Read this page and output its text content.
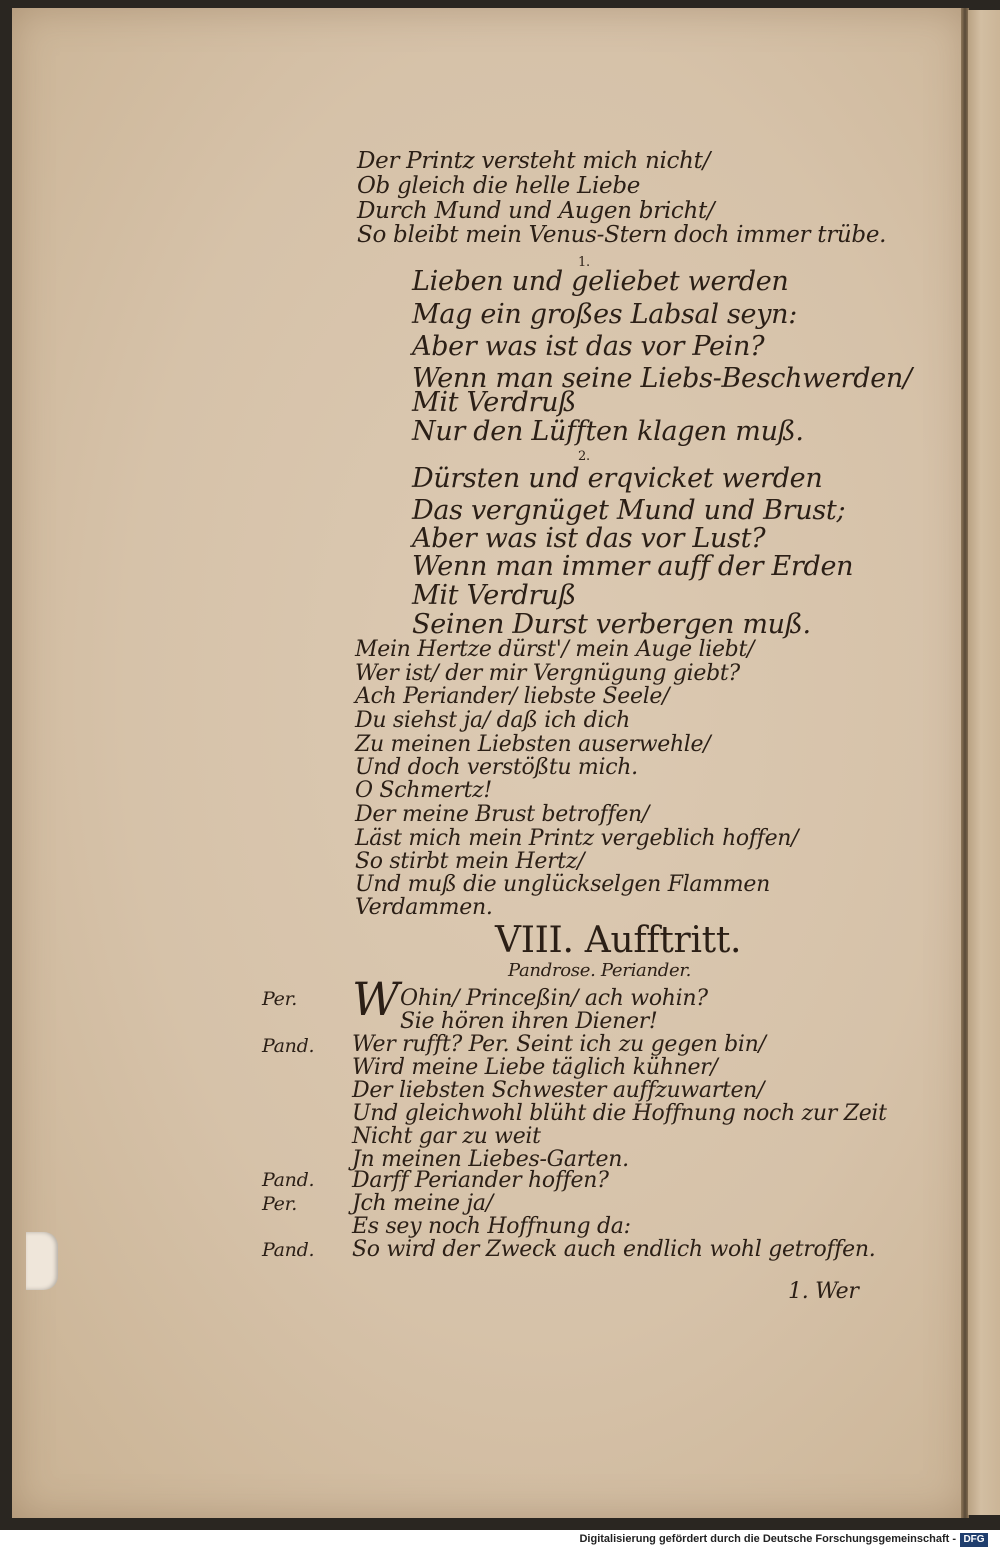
Der Printz versteht mich nicht/
Ob gleich die helle Liebe
Durch Mund und Augen bricht/
So bleibt mein Venus-Stern doch immer trübe.
1.
Lieben und geliebet werden
Mag ein großes Labsal seyn:
Aber was ist das vor Pein?
Wenn man seine Liebs-Beschwerden/
Mit Verdruß
Nur den Lüfften klagen muß.
2.
Dürsten und erqvicket werden
Das vergnüget Mund und Brust;
Aber was ist das vor Lust?
Wenn man immer auff der Erden
Mit Verdruß
Seinen Durst verbergen muß.
Mein Hertze dürst'/ mein Auge liebt/
Wer ist/ der mir Vergnügung giebt?
Ach Periander/ liebste Seele/
Du siehst ja/ daß ich dich
Zu meinen Liebsten auserwehle/
Und doch verstößtu mich.
O Schmertz!
Der meine Brust betroffen/
Läst mich mein Printz vergeblich hoffen/
So stirbt mein Hertz/
Und muß die unglückselgen Flammen
Verdammen.
VIII. Aufftritt.
Pandrose. Periander.
Per. W Ohin/ Princeßin/ ach wohin?
Sie hören ihren Diener!
Pand. Wer rufft? Per. Seint ich zu gegen bin/
Wird meine Liebe täglich kühner/
Der liebsten Schwester auffzuwarten/
Und gleichwohl blüht die Hoffnung noch zur Zeit
Nicht gar zu weit
Jn meinen Liebes-Garten.
Pand. Darff Periander hoffen?
Per. Jch meine ja/
Es sey noch Hoffnung da:
Pand. So wird der Zweck auch endlich wohl getroffen.
1. Wer
Digitalisierung gefördert durch die Deutsche Forschungsgemeinschaft - DFG
